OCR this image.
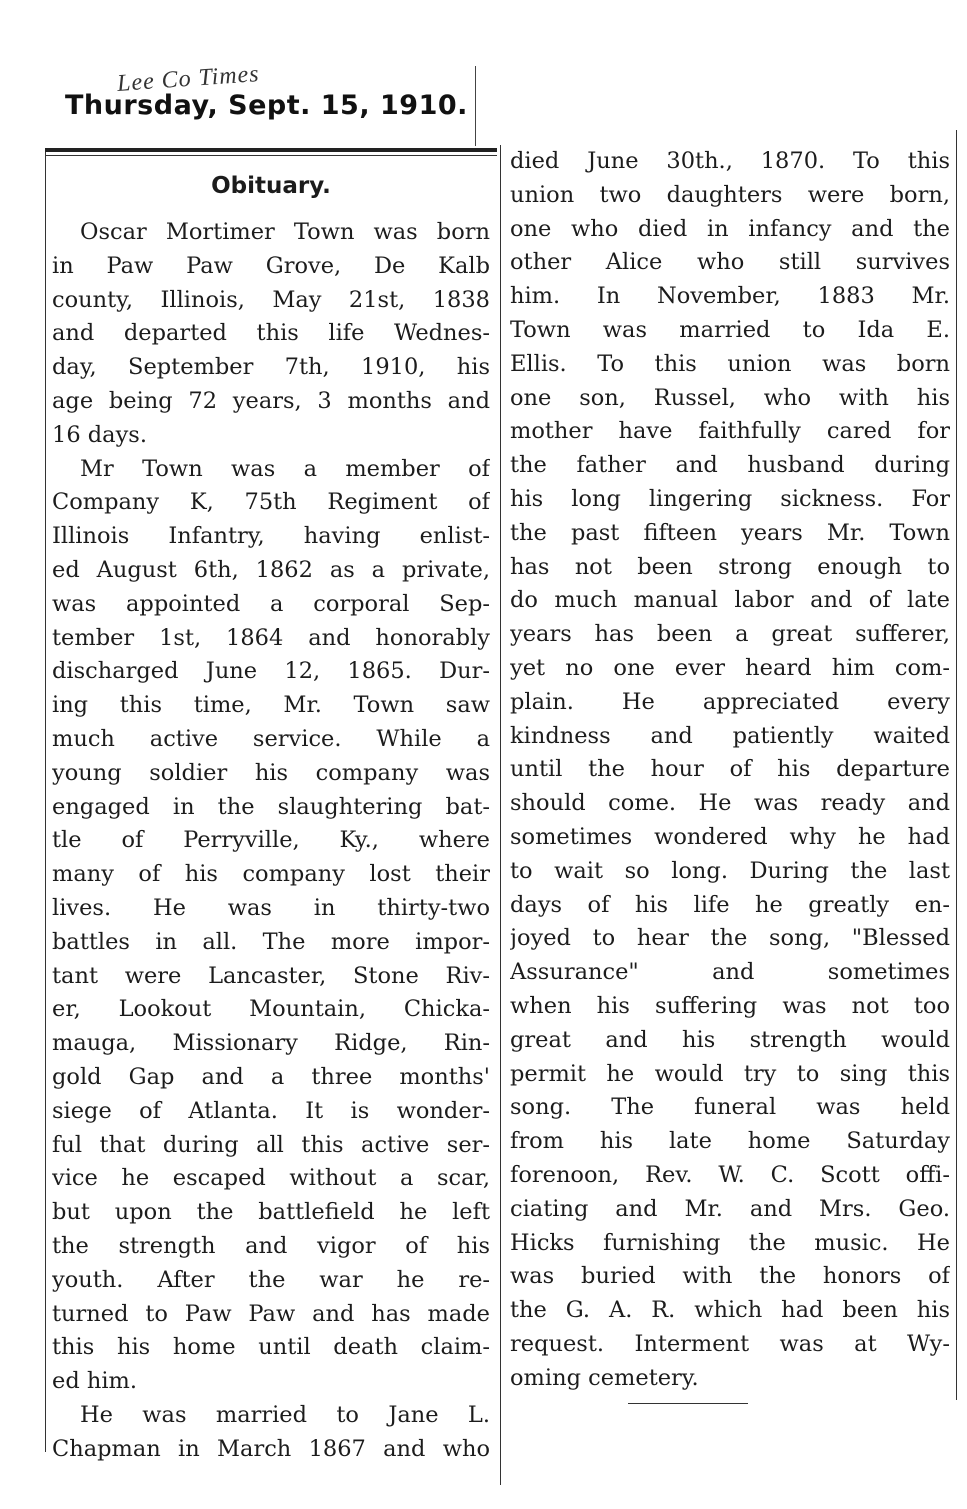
Lee Co Times
Thursday, Sept. 15, 1910.
Obituary.
Oscar Mortimer Town was born
in Paw Paw Grove, De Kalb
county, Illinois, May 21st, 1838
and departed this life Wednes-
day, September 7th, 1910, his
age being 72 years, 3 months and
16 days.
Mr Town was a member of
Company K, 75th Regiment of
Illinois Infantry, having enlist-
ed August 6th, 1862 as a private,
was appointed a corporal Sep-
tember 1st, 1864 and honorably
discharged June 12, 1865. Dur-
ing this time, Mr. Town saw
much active service. While a
young soldier his company was
engaged in the slaughtering bat-
tle of Perryville, Ky., where
many of his company lost their
lives. He was in thirty-two
battles in all. The more impor-
tant were Lancaster, Stone Riv-
er, Lookout Mountain, Chicka-
mauga, Missionary Ridge, Rin-
gold Gap and a three months'
siege of Atlanta. It is wonder-
ful that during all this active ser-
vice he escaped without a scar,
but upon the battlefield he left
the strength and vigor of his
youth. After the war he re-
turned to Paw Paw and has made
this his home until death claim-
ed him.
He was married to Jane L.
Chapman in March 1867 and who
died June 30th., 1870. To this
union two daughters were born,
one who died in infancy and the
other Alice who still survives
him. In November, 1883 Mr.
Town was married to Ida E.
Ellis. To this union was born
one son, Russel, who with his
mother have faithfully cared for
the father and husband during
his long lingering sickness. For
the past fifteen years Mr. Town
has not been strong enough to
do much manual labor and of late
years has been a great sufferer,
yet no one ever heard him com-
plain. He appreciated every
kindness and patiently waited
until the hour of his departure
should come. He was ready and
sometimes wondered why he had
to wait so long. During the last
days of his life he greatly en-
joyed to hear the song, "Blessed
Assurance" and sometimes
when his suffering was not too
great and his strength would
permit he would try to sing this
song. The funeral was held
from his late home Saturday
forenoon, Rev. W. C. Scott offi-
ciating and Mr. and Mrs. Geo.
Hicks furnishing the music. He
was buried with the honors of
the G. A. R. which had been his
request. Interment was at Wy-
oming cemetery.
